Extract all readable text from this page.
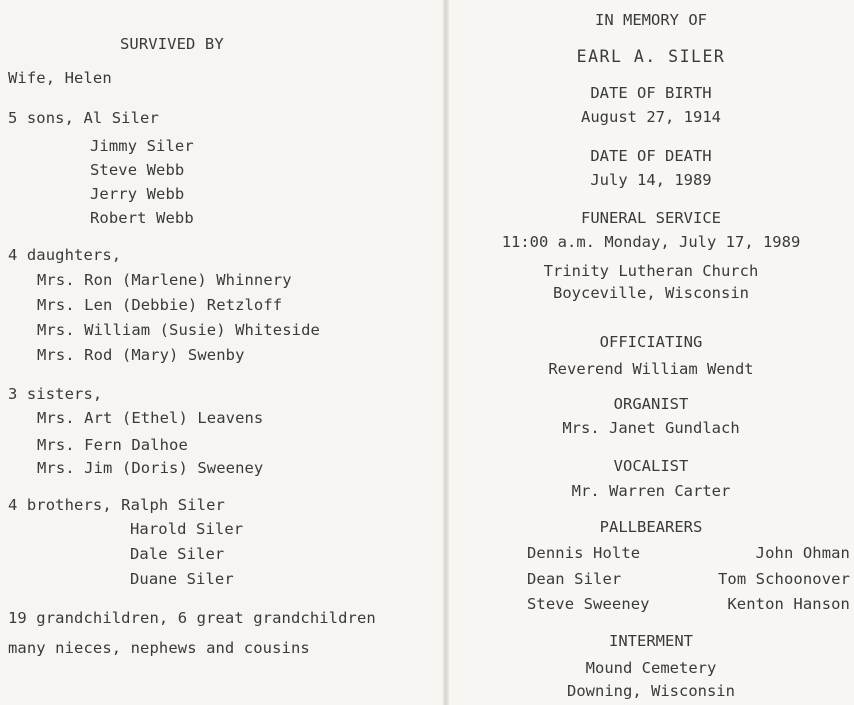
SURVIVED BY
Wife, Helen
5 sons, Al Siler
Jimmy Siler
Steve Webb
Jerry Webb
Robert Webb
4 daughters,
Mrs. Ron (Marlene) Whinnery
Mrs. Len (Debbie) Retzloff
Mrs. William (Susie) Whiteside
Mrs. Rod (Mary) Swenby
3 sisters,
Mrs. Art (Ethel) Leavens
Mrs. Fern Dalhoe
Mrs. Jim (Doris) Sweeney
4 brothers, Ralph Siler
Harold Siler
Dale Siler
Duane Siler
19 grandchildren, 6 great grandchildren
many nieces, nephews and cousins
IN MEMORY OF
EARL A. SILER
DATE OF BIRTH
August 27, 1914
DATE OF DEATH
July 14, 1989
FUNERAL SERVICE
11:00 a.m. Monday, July 17, 1989
Trinity Lutheran Church
Boyceville, Wisconsin
OFFICIATING
Reverend William Wendt
ORGANIST
Mrs. Janet Gundlach
VOCALIST
Mr. Warren Carter
PALLBEARERS
Dennis Holte	John Ohman
Dean Siler	Tom Schoonover
Steve Sweeney	Kenton Hanson
INTERMENT
Mound Cemetery
Downing, Wisconsin
